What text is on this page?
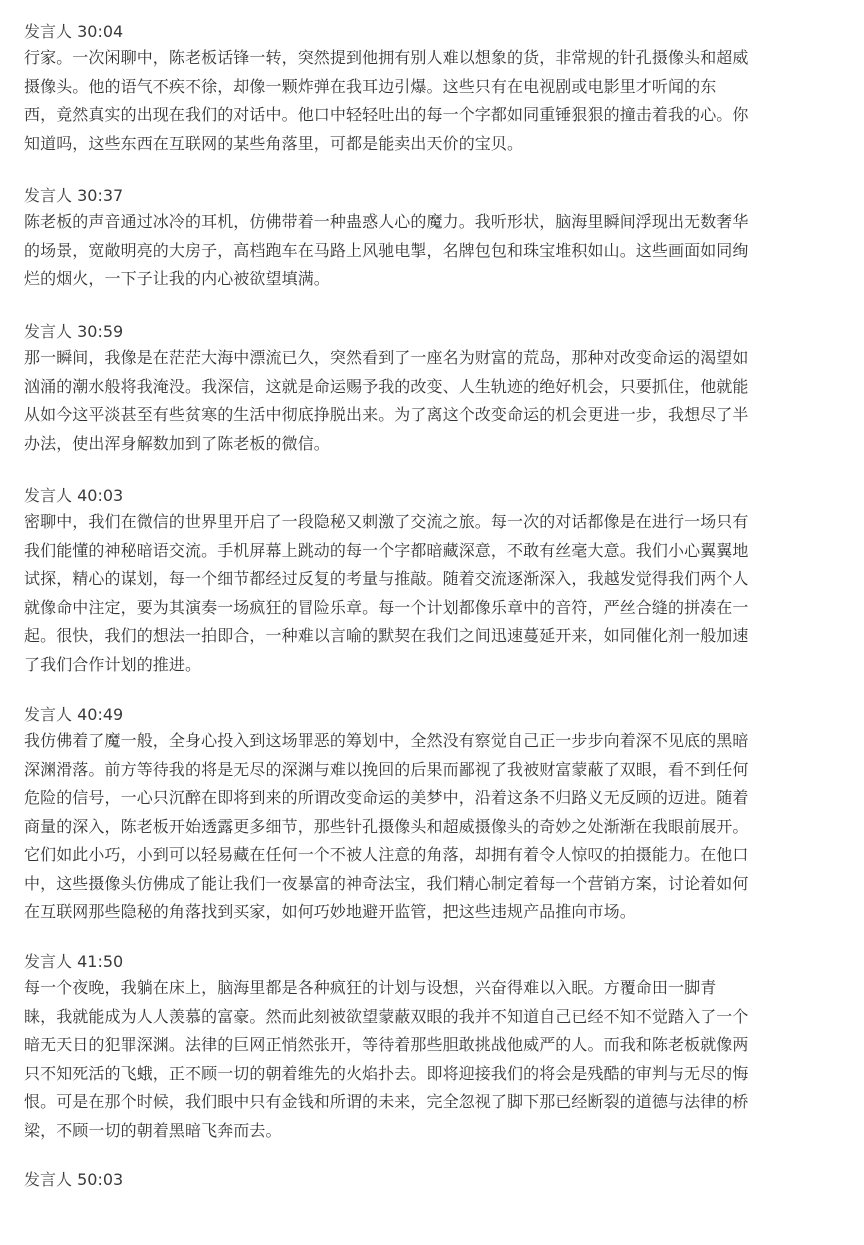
发言人 30:04
行家。一次闲聊中，陈老板话锋一转，突然提到他拥有别人难以想象的货，非常规的针孔摄像头和超威
摄像头。他的语气不疾不徐，却像一颗炸弹在我耳边引爆。这些只有在电视剧或电影里才听闻的东
西，竟然真实的出现在我们的对话中。他口中轻轻吐出的每一个字都如同重锤狠狠的撞击着我的心。你
知道吗，这些东西在互联网的某些角落里，可都是能卖出天价的宝贝。
发言人 30:37
陈老板的声音通过冰冷的耳机，仿佛带着一种蛊惑人心的魔力。我听形状，脑海里瞬间浮现出无数奢华
的场景，宽敞明亮的大房子，高档跑车在马路上风驰电掣，名牌包包和珠宝堆积如山。这些画面如同绚
烂的烟火，一下子让我的内心被欲望填满。
发言人 30:59
那一瞬间，我像是在茫茫大海中漂流已久，突然看到了一座名为财富的荒岛，那种对改变命运的渴望如
汹涌的潮水般将我淹没。我深信，这就是命运赐予我的改变、人生轨迹的绝好机会，只要抓住，他就能
从如今这平淡甚至有些贫寒的生活中彻底挣脱出来。为了离这个改变命运的机会更进一步，我想尽了半
办法，使出浑身解数加到了陈老板的微信。
发言人 40:03
密聊中，我们在微信的世界里开启了一段隐秘又刺激了交流之旅。每一次的对话都像是在进行一场只有
我们能懂的神秘暗语交流。手机屏幕上跳动的每一个字都暗藏深意，不敢有丝毫大意。我们小心翼翼地
试探，精心的谋划，每一个细节都经过反复的考量与推敲。随着交流逐渐深入，我越发觉得我们两个人
就像命中注定，要为其演奏一场疯狂的冒险乐章。每一个计划都像乐章中的音符，严丝合缝的拼凑在一
起。很快，我们的想法一拍即合，一种难以言喻的默契在我们之间迅速蔓延开来，如同催化剂一般加速
了我们合作计划的推进。
发言人 40:49
我仿佛着了魔一般，全身心投入到这场罪恶的筹划中，全然没有察觉自己正一步步向着深不见底的黑暗
深渊滑落。前方等待我的将是无尽的深渊与难以挽回的后果而鄙视了我被财富蒙蔽了双眼，看不到任何
危险的信号，一心只沉醉在即将到来的所谓改变命运的美梦中，沿着这条不归路义无反顾的迈进。随着
商量的深入，陈老板开始透露更多细节，那些针孔摄像头和超威摄像头的奇妙之处渐渐在我眼前展开。
它们如此小巧，小到可以轻易藏在任何一个不被人注意的角落，却拥有着令人惊叹的拍摄能力。在他口
中，这些摄像头仿佛成了能让我们一夜暴富的神奇法宝，我们精心制定着每一个营销方案，讨论着如何
在互联网那些隐秘的角落找到买家，如何巧妙地避开监管，把这些违规产品推向市场。
发言人 41:50
每一个夜晚，我躺在床上，脑海里都是各种疯狂的计划与设想，兴奋得难以入眠。方覆命田一脚青
睐，我就能成为人人羡慕的富豪。然而此刻被欲望蒙蔽双眼的我并不知道自己已经不知不觉踏入了一个
暗无天日的犯罪深渊。法律的巨网正悄然张开，等待着那些胆敢挑战他威严的人。而我和陈老板就像两
只不知死活的飞蛾，正不顾一切的朝着维先的火焰扑去。即将迎接我们的将会是残酷的审判与无尽的悔
恨。可是在那个时候，我们眼中只有金钱和所谓的未来，完全忽视了脚下那已经断裂的道德与法律的桥
梁，不顾一切的朝着黑暗飞奔而去。
发言人 50:03
